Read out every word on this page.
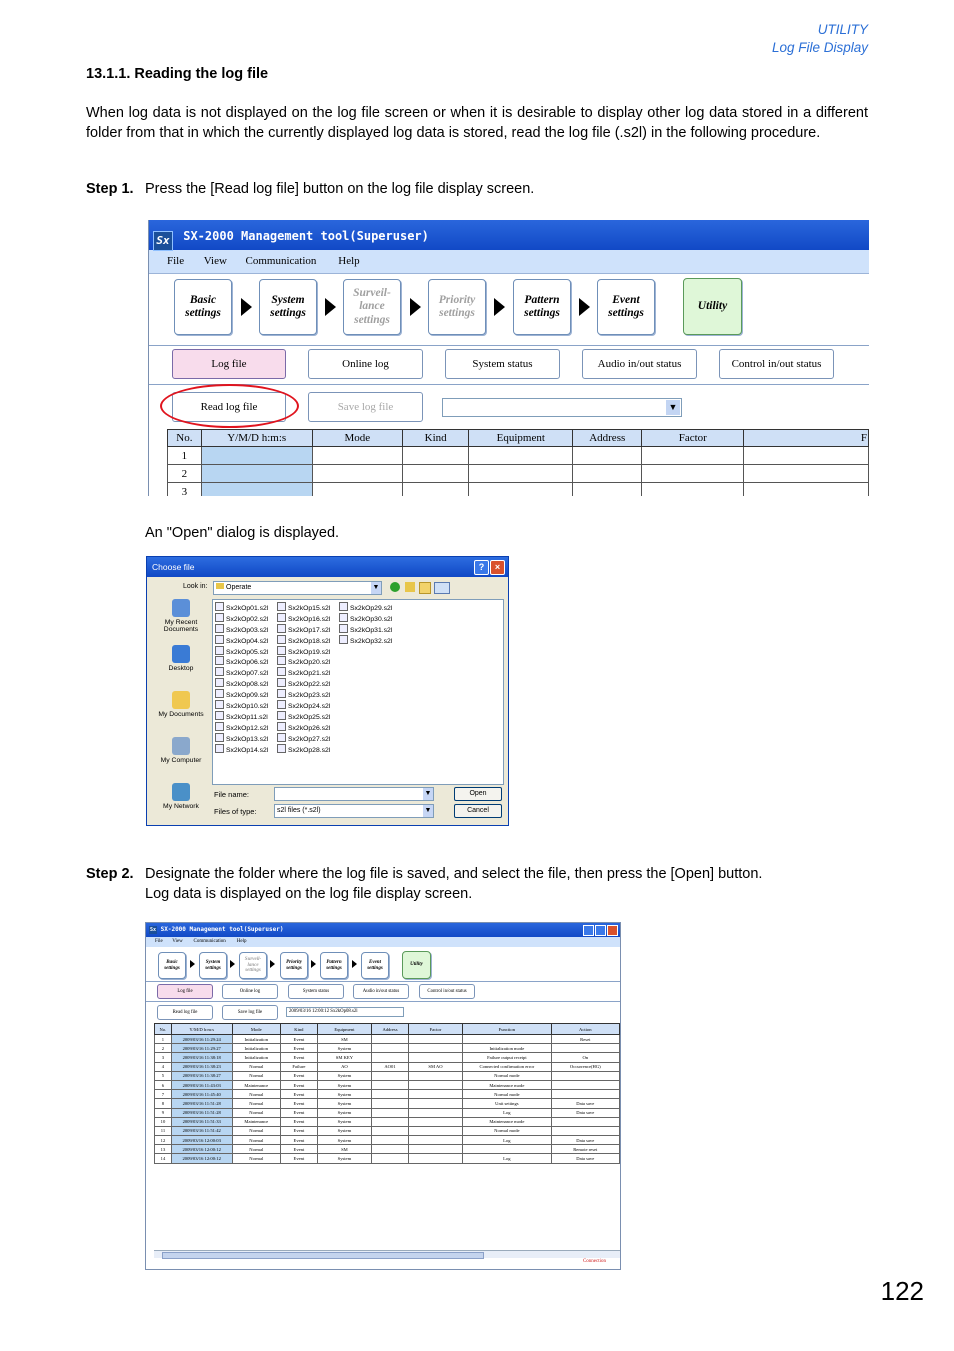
UTILITY
Log File Display
13.1.1. Reading the log file
When log data is not displayed on the log file screen or when it is desirable to display other log data stored in a different folder from that in which the currently displayed log data is stored, read the log file (.s2l) in the following procedure.
Step 1. Press the [Read log file] button on the log file display screen.
Sx SX-2000 Management tool(Superuser)
File View Communication Help
Basic settings
System settings
Surveil-lance settings
Priority settings
Pattern settings
Event settings
Utility
Log file	Online log	System status	Audio in/out status	Control in/out status
Read log file	Save log file	▼
No.	Y/M/D h:m:s	Mode	Kind	Equipment	Address	Factor	F
1							
2							
3							
An "Open" dialog is displayed.
Choose file	?	×
Look in:	Operate	▼
My Recent Documents
Desktop
My Documents
My Computer
My Network
Sx2kOp01.s2l
Sx2kOp02.s2l
Sx2kOp03.s2l
Sx2kOp04.s2l
Sx2kOp05.s2l
Sx2kOp06.s2l
Sx2kOp07.s2l
Sx2kOp08.s2l
Sx2kOp09.s2l
Sx2kOp10.s2l
Sx2kOp11.s2l
Sx2kOp12.s2l
Sx2kOp13.s2l
Sx2kOp14.s2l
Sx2kOp15.s2l
Sx2kOp16.s2l
Sx2kOp17.s2l
Sx2kOp18.s2l
Sx2kOp19.s2l
Sx2kOp20.s2l
Sx2kOp21.s2l
Sx2kOp22.s2l
Sx2kOp23.s2l
Sx2kOp24.s2l
Sx2kOp25.s2l
Sx2kOp26.s2l
Sx2kOp27.s2l
Sx2kOp28.s2l
Sx2kOp29.s2l
Sx2kOp30.s2l
Sx2kOp31.s2l
Sx2kOp32.s2l
File name:	▼
Files of type:	s2l files (*.s2l)	▼
Open
Cancel
Step 2. Designate the folder where the log file is saved, and select the file, then press the [Open] button.
Log data is displayed on the log file display screen.
Sx SX-2000 Management tool(Superuser)
File View Communication Help
Basic settings
System settings
Surveil-lance settings
Priority settings
Pattern settings
Event settings
Utility
Log file	Online log	System status	Audio in/out status	Control in/out status
Read log file	Save log file	2009/03/16 12:00:12 Sx2kOp08.s2l
No.	Y/M/D h:m:s	Mode	Kind	Equipment	Address	Factor	Function	Action
1	2009/03/16 11:29:24	Initialization	Event	SM				Reset
2	2009/03/16 11:29:27	Initialization	Event	System			Initialization mode	
3	2009/03/16 11:38:18	Initialization	Event	SM KEY			Failure output receipt	On
4	2009/03/16 11:38:23	Normal	Failure	AO	AO01	SM AO	Connected confirmation error	Occurrence(HG)
5	2009/03/16 11:38:27	Normal	Event	System			Normal mode	
6	2009/03/16 11:43:03	Maintenance	Event	System			Maintenance mode	
7	2009/03/16 11:45:40	Normal	Event	System			Normal mode	
8	2009/03/16 11:51:28	Normal	Event	System			Unit settings	Data save
9	2009/03/16 11:51:28	Normal	Event	System			Log	Data save
10	2009/03/16 11:51:33	Maintenance	Event	System			Maintenance mode	
11	2009/03/16 11:51:42	Normal	Event	System			Normal mode	
12	2009/03/16 12:00:03	Normal	Event	System			Log	Data save
13	2009/03/16 12:00:12	Normal	Event	SM				Remote reset
14	2009/03/16 12:00:12	Normal	Event	System			Log	Data save
Connection
122
